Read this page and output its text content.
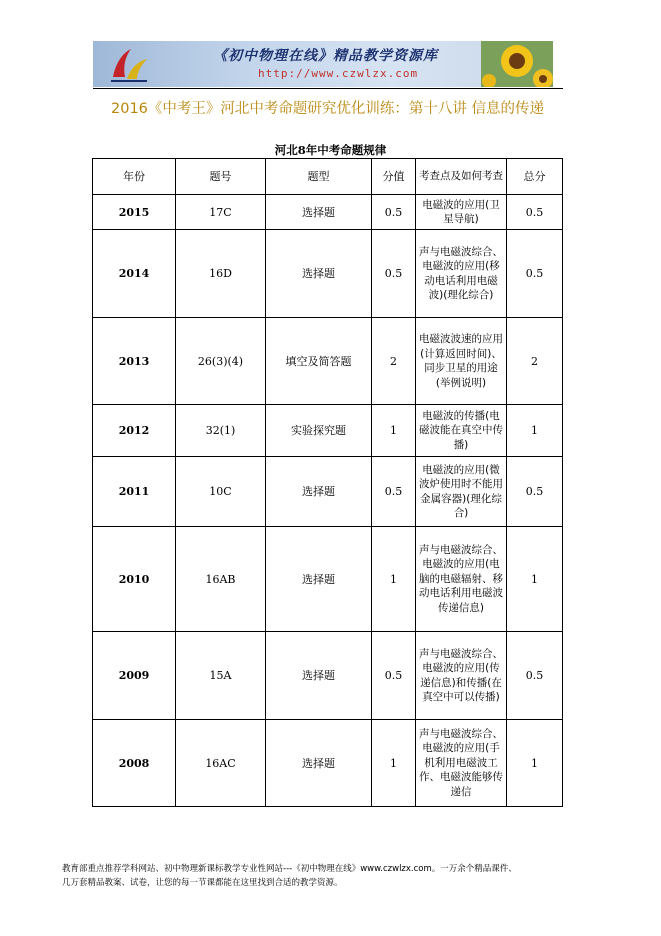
《初中物理在线》精品教学资源库
http://www.czwlzx.com
2016《中考王》河北中考命题研究优化训练：第十八讲 信息的传递
河北8年中考命题规律
年份	题号	题型	分值	考查点及如何考查	总分
2015	17C	选择题	0.5	电磁波的应用(卫星导航)	0.5
2014	16D	选择题	0.5	声与电磁波综合、电磁波的应用(移动电话利用电磁波)(理化综合)	0.5
2013	26(3)(4)	填空及简答题	2	电磁波波速的应用(计算返回时间)、同步卫星的用途(举例说明)	2
2012	32(1)	实验探究题	1	电磁波的传播(电磁波能在真空中传播)	1
2011	10C	选择题	0.5	电磁波的应用(微波炉使用时不能用金属容器)(理化综合)	0.5
2010	16AB	选择题	1	声与电磁波综合、电磁波的应用(电脑的电磁辐射、移动电话利用电磁波传递信息)	1
2009	15A	选择题	0.5	声与电磁波综合、电磁波的应用(传递信息)和传播(在真空中可以传播)	0.5
2008	16AC	选择题	1	声与电磁波综合、电磁波的应用(手机利用电磁波工作、电磁波能够传递信	1
教育部重点推荐学科网站、初中物理新课标教学专业性网站---《初中物理在线》www.czwlzx.com。一万余个精品课件、
几万套精品教案、试卷，让您的每一节课都能在这里找到合适的教学资源。
